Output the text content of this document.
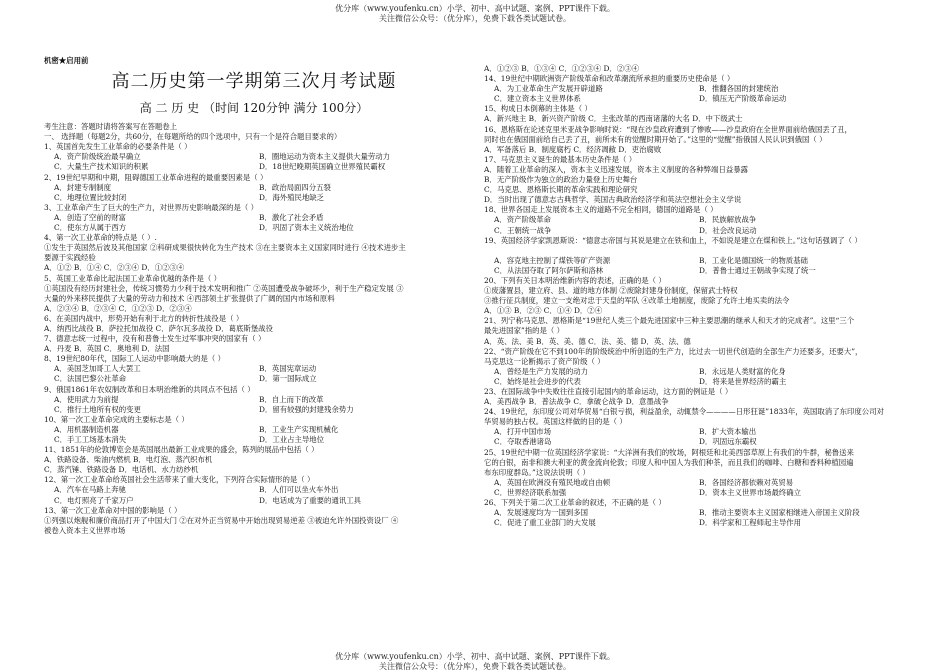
优分库（www.youfenku.cn）小学、初中、高中试题、案例、PPT课件下载。
关注微信公众号：（优分库），免费下载各类试题试卷。

机密★启用前

高二历史第一学期第三次月考试题
高 二 历 史 （时间 120分钟 满分 100分）

考生注意：答题时请将答案写在答题卷上

一、 选择题（每题2分，共60分，在每题所给的四个选项中，只有一个是符合题目要求的）

1、英国首先发生工业革命的必要条件是（ ）

A．资产阶级统治最早确立	B．圈地运动为资本主义提供大量劳动力

C．大量生产技术知识的积累	D．18世纪晚期英国确立世界殖民霸权

2、19世纪早期和中期，阻碍德国工业革命进程的最重要因素是（ ）

A．封建专制制度	B．政治局面四分五裂

C．地理位置比较封闭	D．海外殖民地缺乏

3、工业革命产生了巨大的生产力，对世界历史影响最深的是（ ）

A．创造了空前的财富	B．激化了社会矛盾

C．使东方从属于西方	D．巩固了资本主义统治地位

4、第一次工业革命的特点是（ ）.

①发生于英国然后波及其他国家 ②科研成果很快转化为生产技术 ③在主要资本主义国家同时进行 ④技术进步主

要源于实践经验

A．①② B．①④ C．②③④ D．①②③④

5、英国工业革命比起法国工业革命优越的条件是（ ）

①英国没有经历封建社会，传统习惯势力少利于技术发明和推广 ②英国遭受战争破坏少，利于生产稳定发展 ③

大量的外来移民提供了大量的劳动力和技术 ④西部领土扩张提供了广阔的国内市场和原料

A．②③④ B．②③④ C．①②③ D．②③④

6、在美国内战中，形势开始有利于北方的转折性战役是（ ）

A．纳西比战役 B．萨拉托加战役 C．萨尔瓦多战役 D．葛底斯堡战役

7、德意志统一过程中，没有和普鲁士发生过军事冲突的国家有（ ）

A．丹麦 B．英国 C．奥地利 D．法国

8、19世纪80年代，国际工人运动中影响最大的是（ ）

A．美国芝加哥工人大罢工	B．英国宪章运动

C．法国巴黎公社革命	D．第一国际成立

9、俄国1861年农奴制改革和日本明治维新的共同点不包括（ ）

A．使用武力为前提	B．自上而下的改革

C．推行土地所有权的变更	D．留有较强的封建残余势力

10、第一次工业革命完成的主要标志是（ ）

A．用机器制造机器	B．工业生产实现机械化

C．手工工场基本消失	D．工业占主导地位

11、1851年的伦敦博览会是英国展出最新工业成果的盛会，陈列的展品中包括（ ）

A．铁路设备、柴油内燃机 B．电灯泡、蒸汽织布机

C．蒸汽锤、铁路设备 D．电话机、水力纺纱机

12、第一次工业革命给英国社会生活带来了重大变化，下列符合实际情形的是（ ）

A．汽车在马路上奔驰	B．人们可以坐火车外出

C．电灯照亮了千家万户	D．电话成为了重要的通讯工具

13、第一次工业革命对中国的影响是（ ）

①列强以炮舰和廉价商品打开了中国大门 ②在对外正当贸易中开始出现贸易逆差 ③被迫允许外国投资设厂 ④

被卷入资本主义世界市场

A．①②③ B．①③④ C．①②③④ D．②③④

14、19世纪中期欧洲资产阶级革命和改革潮流所承担的重要历史使命是（ ）

A．为工业革命生产发展开辟道路	B．推翻各国的封建统治

C．建立资本主义世界体系	D．镇压无产阶级革命运动

15、构成日本倒幕的主体是（ ）

A．新兴地主 B．新兴资产阶级 C．主张改革的西南诸藩的大名 D．中下级武士

16、恩格斯在论述克里米亚战争影响时说：“现在沙皇政府遭到了惨败——沙皇政府在全世界面前给俄国丢了丑，

同时也在俄国面前给自己丢了丑，前所未有的觉醒时期开始了。”这里的“觉醒”指俄国人民认识到俄国（ ）

A．军备落后 B．制度腐朽 C．经济凋敝 D．吏治腐败

17、马克思主义诞生的最基本历史条件是（ ）

A．随着工业革命的深入，资本主义迅速发展，资本主义制度的各种弊端日益暴露

B．无产阶级作为独立的政治力量登上历史舞台

C．马克思、恩格斯长期的革命实践和理论研究

D．当时出现了德意志古典哲学、英国古典政治经济学和英法空想社会主义学说

18、世界各国走上发展资本主义的道路不完全相同，德国的道路是（ ）

A．资产阶级革命	B．民族解放战争

C．王朝统一战争	D．社会改良运动

19、英国经济学家凯恩斯说：“德意志帝国与其说是建立在铁和血上，不如说是建立在煤和铁上。”这句话强调了（ ）

A．容克地主控制了煤铁等矿产资源	B．工业化是德国统一的物质基础

C．从法国夺取了阿尔萨斯和洛林	D．普鲁士通过王朝战争实现了统一

20、下列有关日本明治维新内容的表述，正确的是（ ）

①废藩置县，建立府、县、道的地方体制 ②废除封建身份制度，保留武士特权

③推行征兵制度，建立一支绝对忠于天皇的军队 ④改革土地制度，废除了允许土地买卖的法令

A．①③ B．②③ C．①④ D．②④

21、列宁称马克思、恩格斯是“19世纪人类三个最先进国家中三种主要思潮的继承人和天才的完成者”。这里“三个

最先进国家”指的是（ ）

A．英、法、美 B．英、美、德 C．法、美、德 D．英、法、德

22、“资产阶级在它不到100年的阶级统治中所创造的生产力，比过去一切世代创造的全部生产力还要多，还要大”，

马克思这一论断揭示了资产阶级（ ）

A．曾经是生产力发展的动力	B．永远是人类财富的化身

C．始终是社会进步的代表	D．将来是世界经济的霸主

23、在国际战争中失败往往直接引起国内的革命运动，这方面的例证是（ ）

A．美西战争 B．普法战争 C．拿破仑战争 D．意墨战争

24、19世纪，东印度公司对华贸易“白银亏损，利益盈余，动辄禁令————日形狂诞”1833年，英国取消了东印度公司对

华贸易的独占权。英国这样做的目的是（ ）

A．打开中国市场	B．扩大资本输出

C．夺取香港诸岛	D．巩固远东霸权

25、19世纪中期一位英国经济学家说：“大洋洲有我们的牧场，阿根廷和北美西部草原上有我们的牛群，秘鲁送来

它的白银，南非和澳大利亚的黄金流向伦敦；印度人和中国人为我们种茶，而且我们的咖啡、白糖和香料种植园遍

布东印度群岛。”这说法说明（ ）

A．英国在欧洲没有殖民地或自由顿	B．各国经济都依赖对英贸易

C．世界经济联系加强	D．资本主义世界市场最终确立

26、下列关于第二次工业革命的叙述，不正确的是（ ）

A．发展速度均为一国到多国	B．推动主要资本主义国家相继进入帝国主义阶段

C．促进了重工业部门的大发展	D．科学家和工程师起主导作用

优分库（www.youfenku.cn）小学、初中、高中试题、案例、PPT课件下载。
关注微信公众号：（优分库），免费下载各类试题试卷。
